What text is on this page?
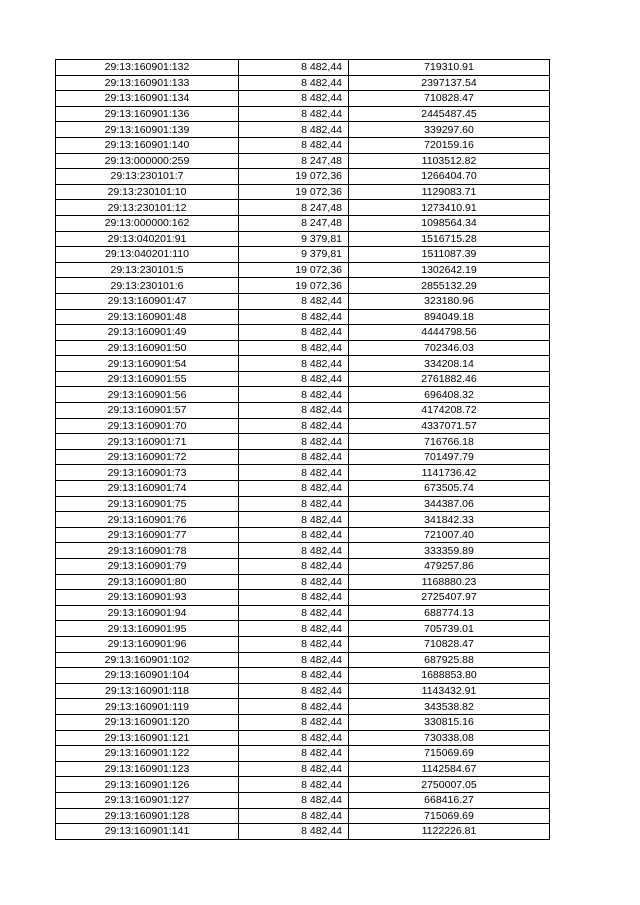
29:13:160901:132	8 482,44	719310.91
29:13:160901:133	8 482,44	2397137.54
29:13:160901:134	8 482,44	710828.47
29:13:160901:136	8 482,44	2445487.45
29:13:160901:139	8 482,44	339297.60
29:13:160901:140	8 482,44	720159.16
29:13:000000:259	8 247,48	1103512.82
29:13:230101:7	19 072,36	1266404.70
29:13:230101:10	19 072,36	1129083.71
29:13:230101:12	8 247,48	1273410.91
29:13:000000:162	8 247,48	1098564.34
29:13:040201:91	9 379,81	1516715.28
29:13:040201:110	9 379,81	1511087.39
29:13:230101:5	19 072,36	1302642.19
29:13:230101:6	19 072,36	2855132.29
29:13:160901:47	8 482,44	323180.96
29:13:160901:48	8 482,44	894049.18
29:13:160901:49	8 482,44	4444798.56
29:13:160901:50	8 482,44	702346.03
29:13:160901:54	8 482,44	334208.14
29:13:160901:55	8 482,44	2761882.46
29:13:160901:56	8 482,44	696408.32
29:13:160901:57	8 482,44	4174208.72
29:13:160901:70	8 482,44	4337071.57
29:13:160901:71	8 482,44	716766.18
29:13:160901:72	8 482,44	701497.79
29:13:160901:73	8 482,44	1141736.42
29:13:160901:74	8 482,44	673505.74
29:13:160901:75	8 482,44	344387.06
29:13:160901:76	8 482,44	341842.33
29:13:160901:77	8 482,44	721007.40
29:13:160901:78	8 482,44	333359.89
29:13:160901:79	8 482,44	479257.86
29:13:160901:80	8 482,44	1168880.23
29:13:160901:93	8 482,44	2725407.97
29:13:160901:94	8 482,44	688774.13
29:13:160901:95	8 482,44	705739.01
29:13:160901:96	8 482,44	710828.47
29:13:160901:102	8 482,44	687925.88
29:13:160901:104	8 482,44	1688853.80
29:13:160901:118	8 482,44	1143432.91
29:13:160901:119	8 482,44	343538.82
29:13:160901:120	8 482,44	330815.16
29:13:160901:121	8 482,44	730338.08
29:13:160901:122	8 482,44	715069.69
29:13:160901:123	8 482,44	1142584.67
29:13:160901:126	8 482,44	2750007.05
29:13:160901:127	8 482,44	668416.27
29:13:160901:128	8 482,44	715069.69
29:13:160901:141	8 482,44	1122226.81
